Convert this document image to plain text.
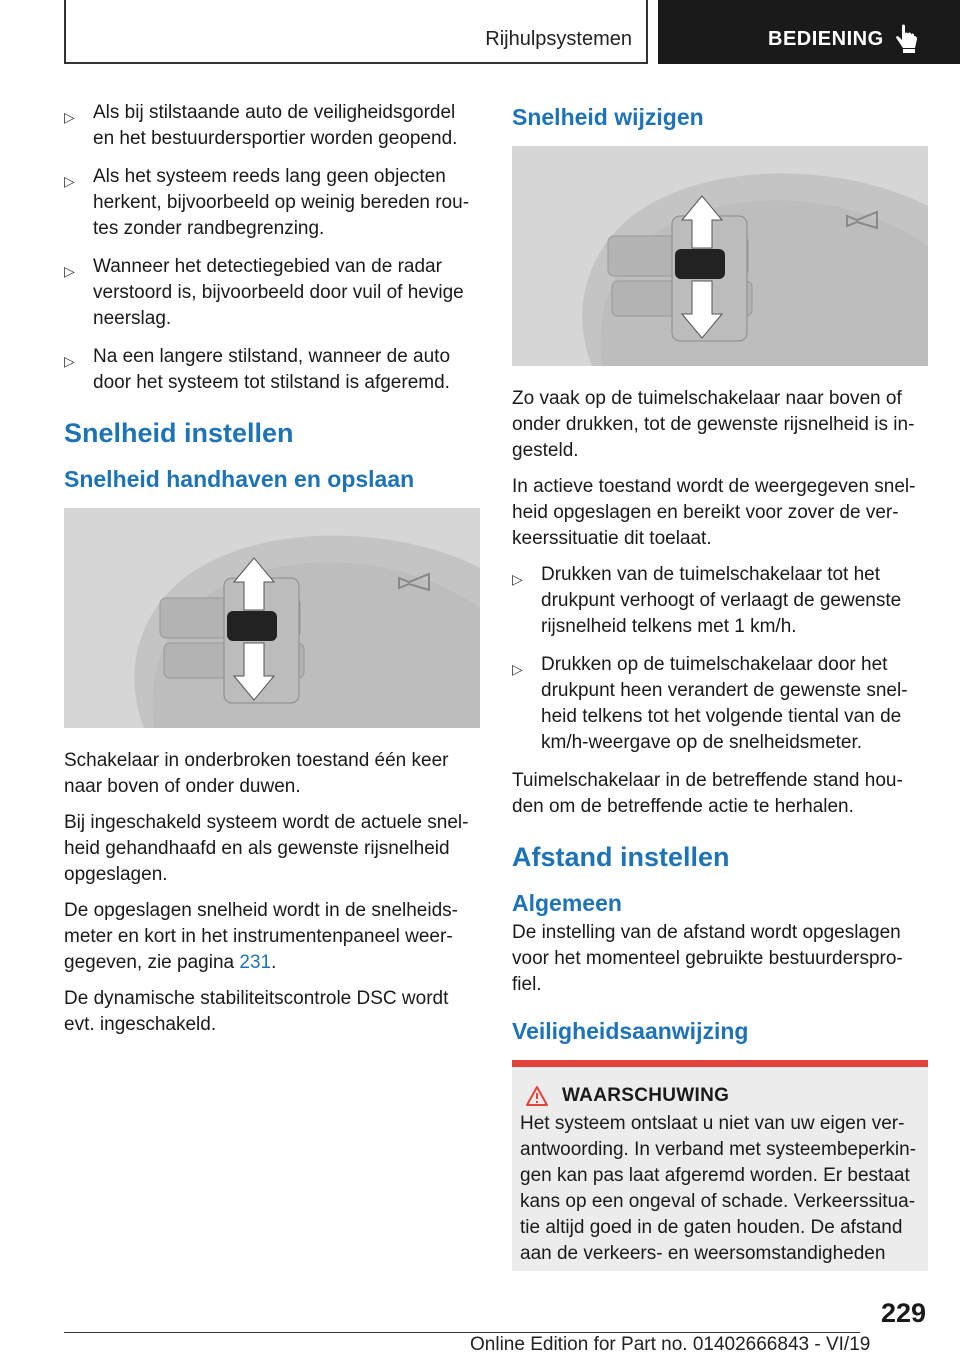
Rijhulpsystemen	BEDIENING
▷ Als bij stilstaande auto de veiligheidsgordel en het bestuurdersportier worden geopend.
▷ Als het systeem reeds lang geen objecten herkent, bijvoorbeeld op weinig bereden rou-tes zonder randbegrenzing.
▷ Wanneer het detectiegebied van de radar verstoord is, bijvoorbeeld door vuil of hevige neerslag.
▷ Na een langere stilstand, wanneer de auto door het systeem tot stilstand is afgeremd.
Snelheid instellen
Snelheid handhaven en opslaan

Schakelaar in onderbroken toestand één keer naar boven of onder duwen.

Bij ingeschakeld systeem wordt de actuele snel-heid gehandhaafd en als gewenste rijsnelheid opgeslagen.

De opgeslagen snelheid wordt in de snelheids-meter en kort in het instrumentenpaneel weer-gegeven, zie pagina 231.

De dynamische stabiliteitscontrole DSC wordt evt. ingeschakeld.

Snelheid wijzigen

Zo vaak op de tuimelschakelaar naar boven of onder drukken, tot de gewenste rijsnelheid is in-gesteld.

In actieve toestand wordt de weergegeven snel-heid opgeslagen en bereikt voor zover de ver-keerssituatie dit toelaat.

▷ Drukken van de tuimelschakelaar tot het drukpunt verhoogt of verlaagt de gewenste rijsnelheid telkens met 1 km/h.
▷ Drukken op de tuimelschakelaar door het drukpunt heen verandert de gewenste snel-heid telkens tot het volgende tiental van de km/h-weergave op de snelheidsmeter.

Tuimelschakelaar in de betreffende stand hou-den om de betreffende actie te herhalen.

Afstand instellen
Algemeen

De instelling van de afstand wordt opgeslagen voor het momenteel gebruikte bestuurderspro-fiel.

Veiligheidsaanwijzing
WAARSCHUWING

Het systeem ontslaat u niet van uw eigen ver-antwoording. In verband met systeembeperkin-gen kan pas laat afgeremd worden. Er bestaat kans op een ongeval of schade. Verkeerssitua-tie altijd goed in de gaten houden. De afstand aan de verkeers- en weersomstandigheden

229
Online Edition for Part no. 01402666843 - VI/19
